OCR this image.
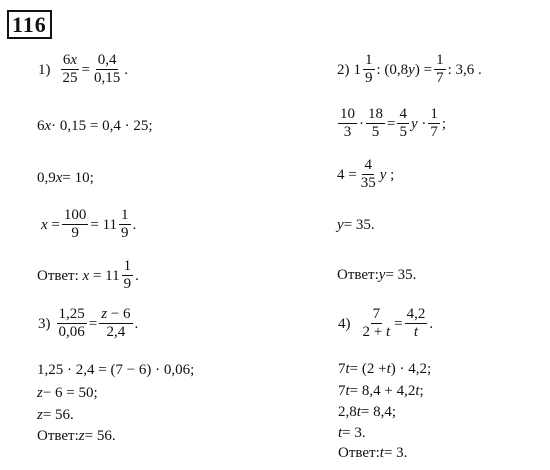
116
$1) \frac{6x}{25} = \frac{0,4}{0,15}$ .
6 x · 0,15 = 0,4 · 25;
0,9 x = 10;
$x = \frac{100}{9} = 11 \frac{1}{9}$ .
Ответ: $x = 11 \frac{1}{9}$ .
2) $1 \frac{1}{9}$ : $(0,8y) = \frac{1}{7}$ : 3,6 .
$\frac{10}{3} \cdot \frac{18}{5} = \frac{4}{5}$ $y \cdot \frac{1}{7}$ ;
$4 = \frac{4}{35}$ y ;
y = 35.
Ответ: y = 35.
$3) \frac{1,25}{0,06} = \frac{z - 6}{2,4}$ .
1,25 · 2,4 = (7 − 6) · 0,06;
z − 6 = 50;
z = 56.
Ответ: z = 56.
$4) \frac{7}{2 + t} = \frac{4,2}{t}$ .
7 t = (2 + t ) · 4,2;
7 t = 8,4 + 4,2 t ;
2,8 t = 8,4;
t = 3.
Ответ: t = 3.
